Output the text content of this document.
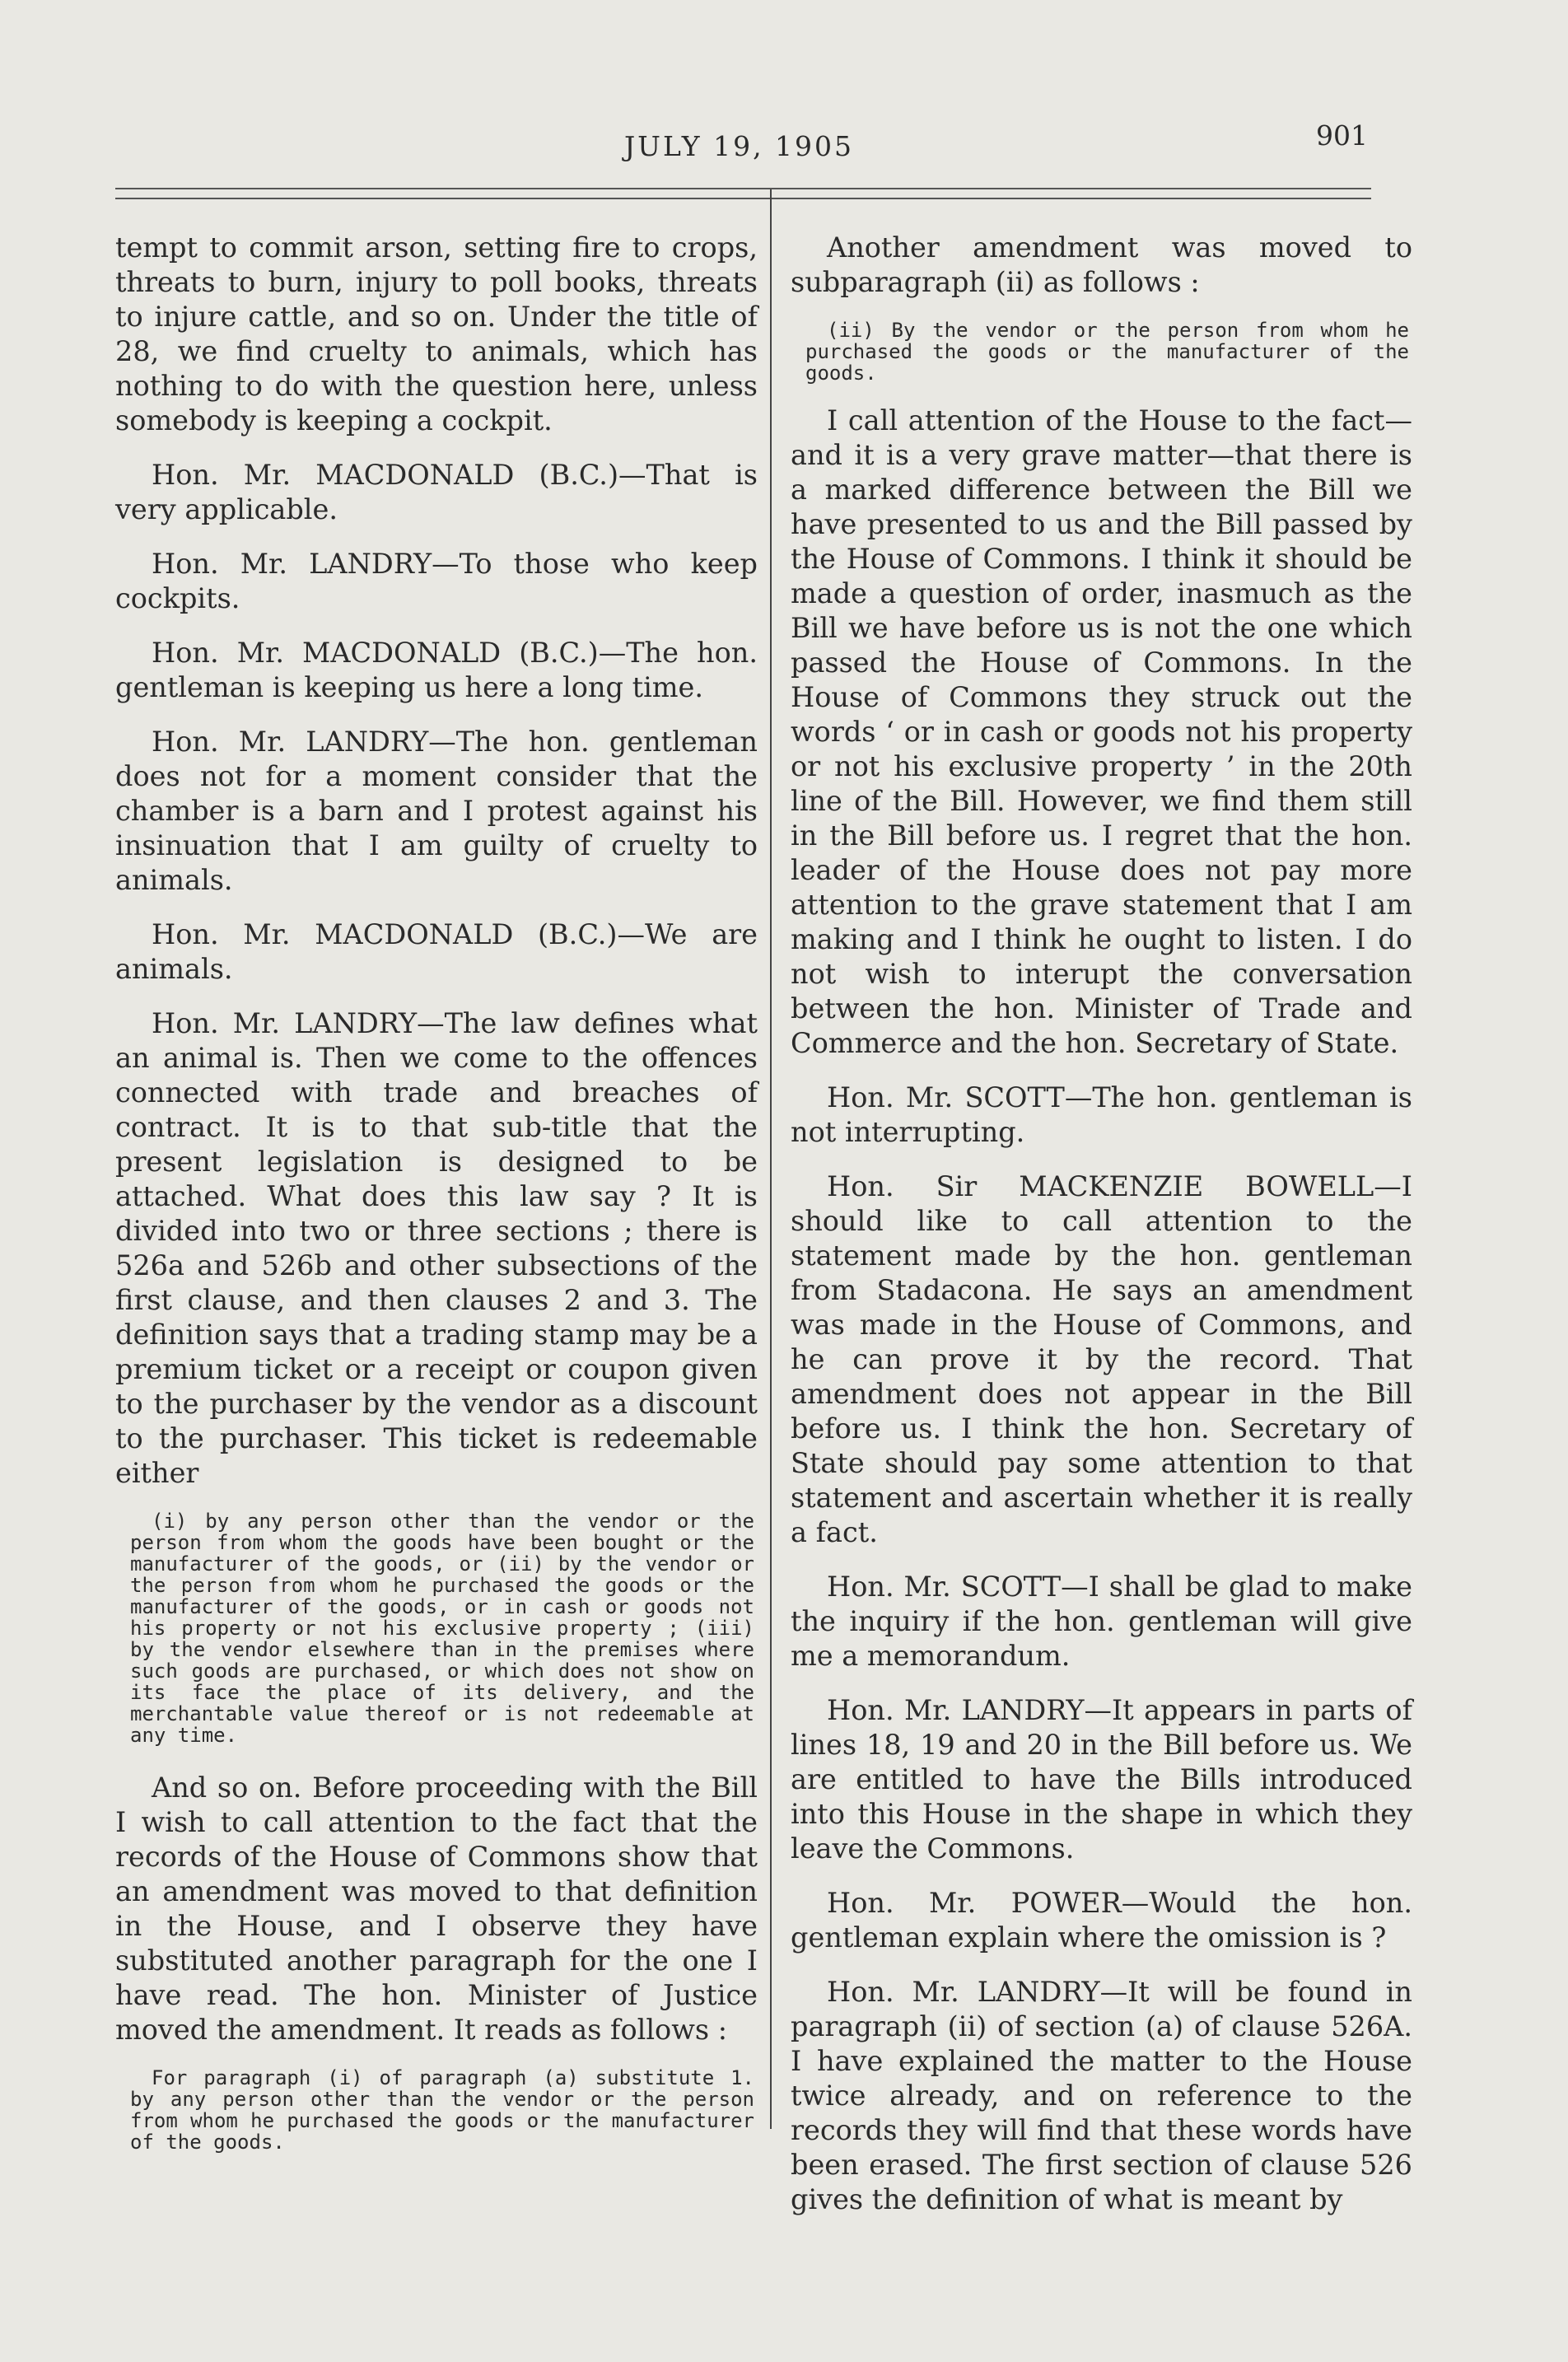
JULY 19, 1905	901

tempt to commit arson, setting fire to crops, threats to burn, injury to poll books, threats to injure cattle, and so on. Under the title of 28, we find cruelty to animals, which has nothing to do with the question here, unless somebody is keeping a cockpit.

Hon. Mr. MACDONALD (B.C.)—That is very applicable.

Hon. Mr. LANDRY—To those who keep cockpits.

Hon. Mr. MACDONALD (B.C.)—The hon. gentleman is keeping us here a long time.

Hon. Mr. LANDRY—The hon. gentleman does not for a moment consider that the chamber is a barn and I protest against his insinuation that I am guilty of cruelty to animals.

Hon. Mr. MACDONALD (B.C.)—We are animals.

Hon. Mr. LANDRY—The law defines what an animal is. Then we come to the offences connected with trade and breaches of contract. It is to that sub-title that the present legislation is designed to be attached. What does this law say ? It is divided into two or three sections ; there is 526a and 526b and other subsections of the first clause, and then clauses 2 and 3. The definition says that a trading stamp may be a premium ticket or a receipt or coupon given to the purchaser by the vendor as a discount to the purchaser. This ticket is redeemable either

(i) by any person other than the vendor or the person from whom the goods have been bought or the manufacturer of the goods, or (ii) by the vendor or the person from whom he purchased the goods or the manufacturer of the goods, or in cash or goods not his property or not his exclusive property ; (iii) by the vendor elsewhere than in the premises where such goods are purchased, or which does not show on its face the place of its delivery, and the merchantable value thereof or is not redeemable at any time.

And so on. Before proceeding with the Bill I wish to call attention to the fact that the records of the House of Commons show that an amendment was moved to that definition in the House, and I observe they have substituted another paragraph for the one I have read. The hon. Minister of Justice moved the amendment. It reads as follows :

For paragraph (i) of paragraph (a) substitute 1. by any person other than the vendor or the person from whom he purchased the goods or the manufacturer of the goods.

Another amendment was moved to subparagraph (ii) as follows :

(ii) By the vendor or the person from whom he purchased the goods or the manufacturer of the goods.

I call attention of the House to the fact—and it is a very grave matter—that there is a marked difference between the Bill we have presented to us and the Bill passed by the House of Commons. I think it should be made a question of order, inasmuch as the Bill we have before us is not the one which passed the House of Commons. In the House of Commons they struck out the words ‘ or in cash or goods not his property or not his exclusive property ’ in the 20th line of the Bill. However, we find them still in the Bill before us. I regret that the hon. leader of the House does not pay more attention to the grave statement that I am making and I think he ought to listen. I do not wish to interupt the conversation between the hon. Minister of Trade and Commerce and the hon. Secretary of State.

Hon. Mr. SCOTT—The hon. gentleman is not interrupting.

Hon. Sir MACKENZIE BOWELL—I should like to call attention to the statement made by the hon. gentleman from Stadacona. He says an amendment was made in the House of Commons, and he can prove it by the record. That amendment does not appear in the Bill before us. I think the hon. Secretary of State should pay some attention to that statement and ascertain whether it is really a fact.

Hon. Mr. SCOTT—I shall be glad to make the inquiry if the hon. gentleman will give me a memorandum.

Hon. Mr. LANDRY—It appears in parts of lines 18, 19 and 20 in the Bill before us. We are entitled to have the Bills introduced into this House in the shape in which they leave the Commons.

Hon. Mr. POWER—Would the hon. gentleman explain where the omission is ?

Hon. Mr. LANDRY—It will be found in paragraph (ii) of section (a) of clause 526A. I have explained the matter to the House twice already, and on reference to the records they will find that these words have been erased. The first section of clause 526 gives the definition of what is meant by
